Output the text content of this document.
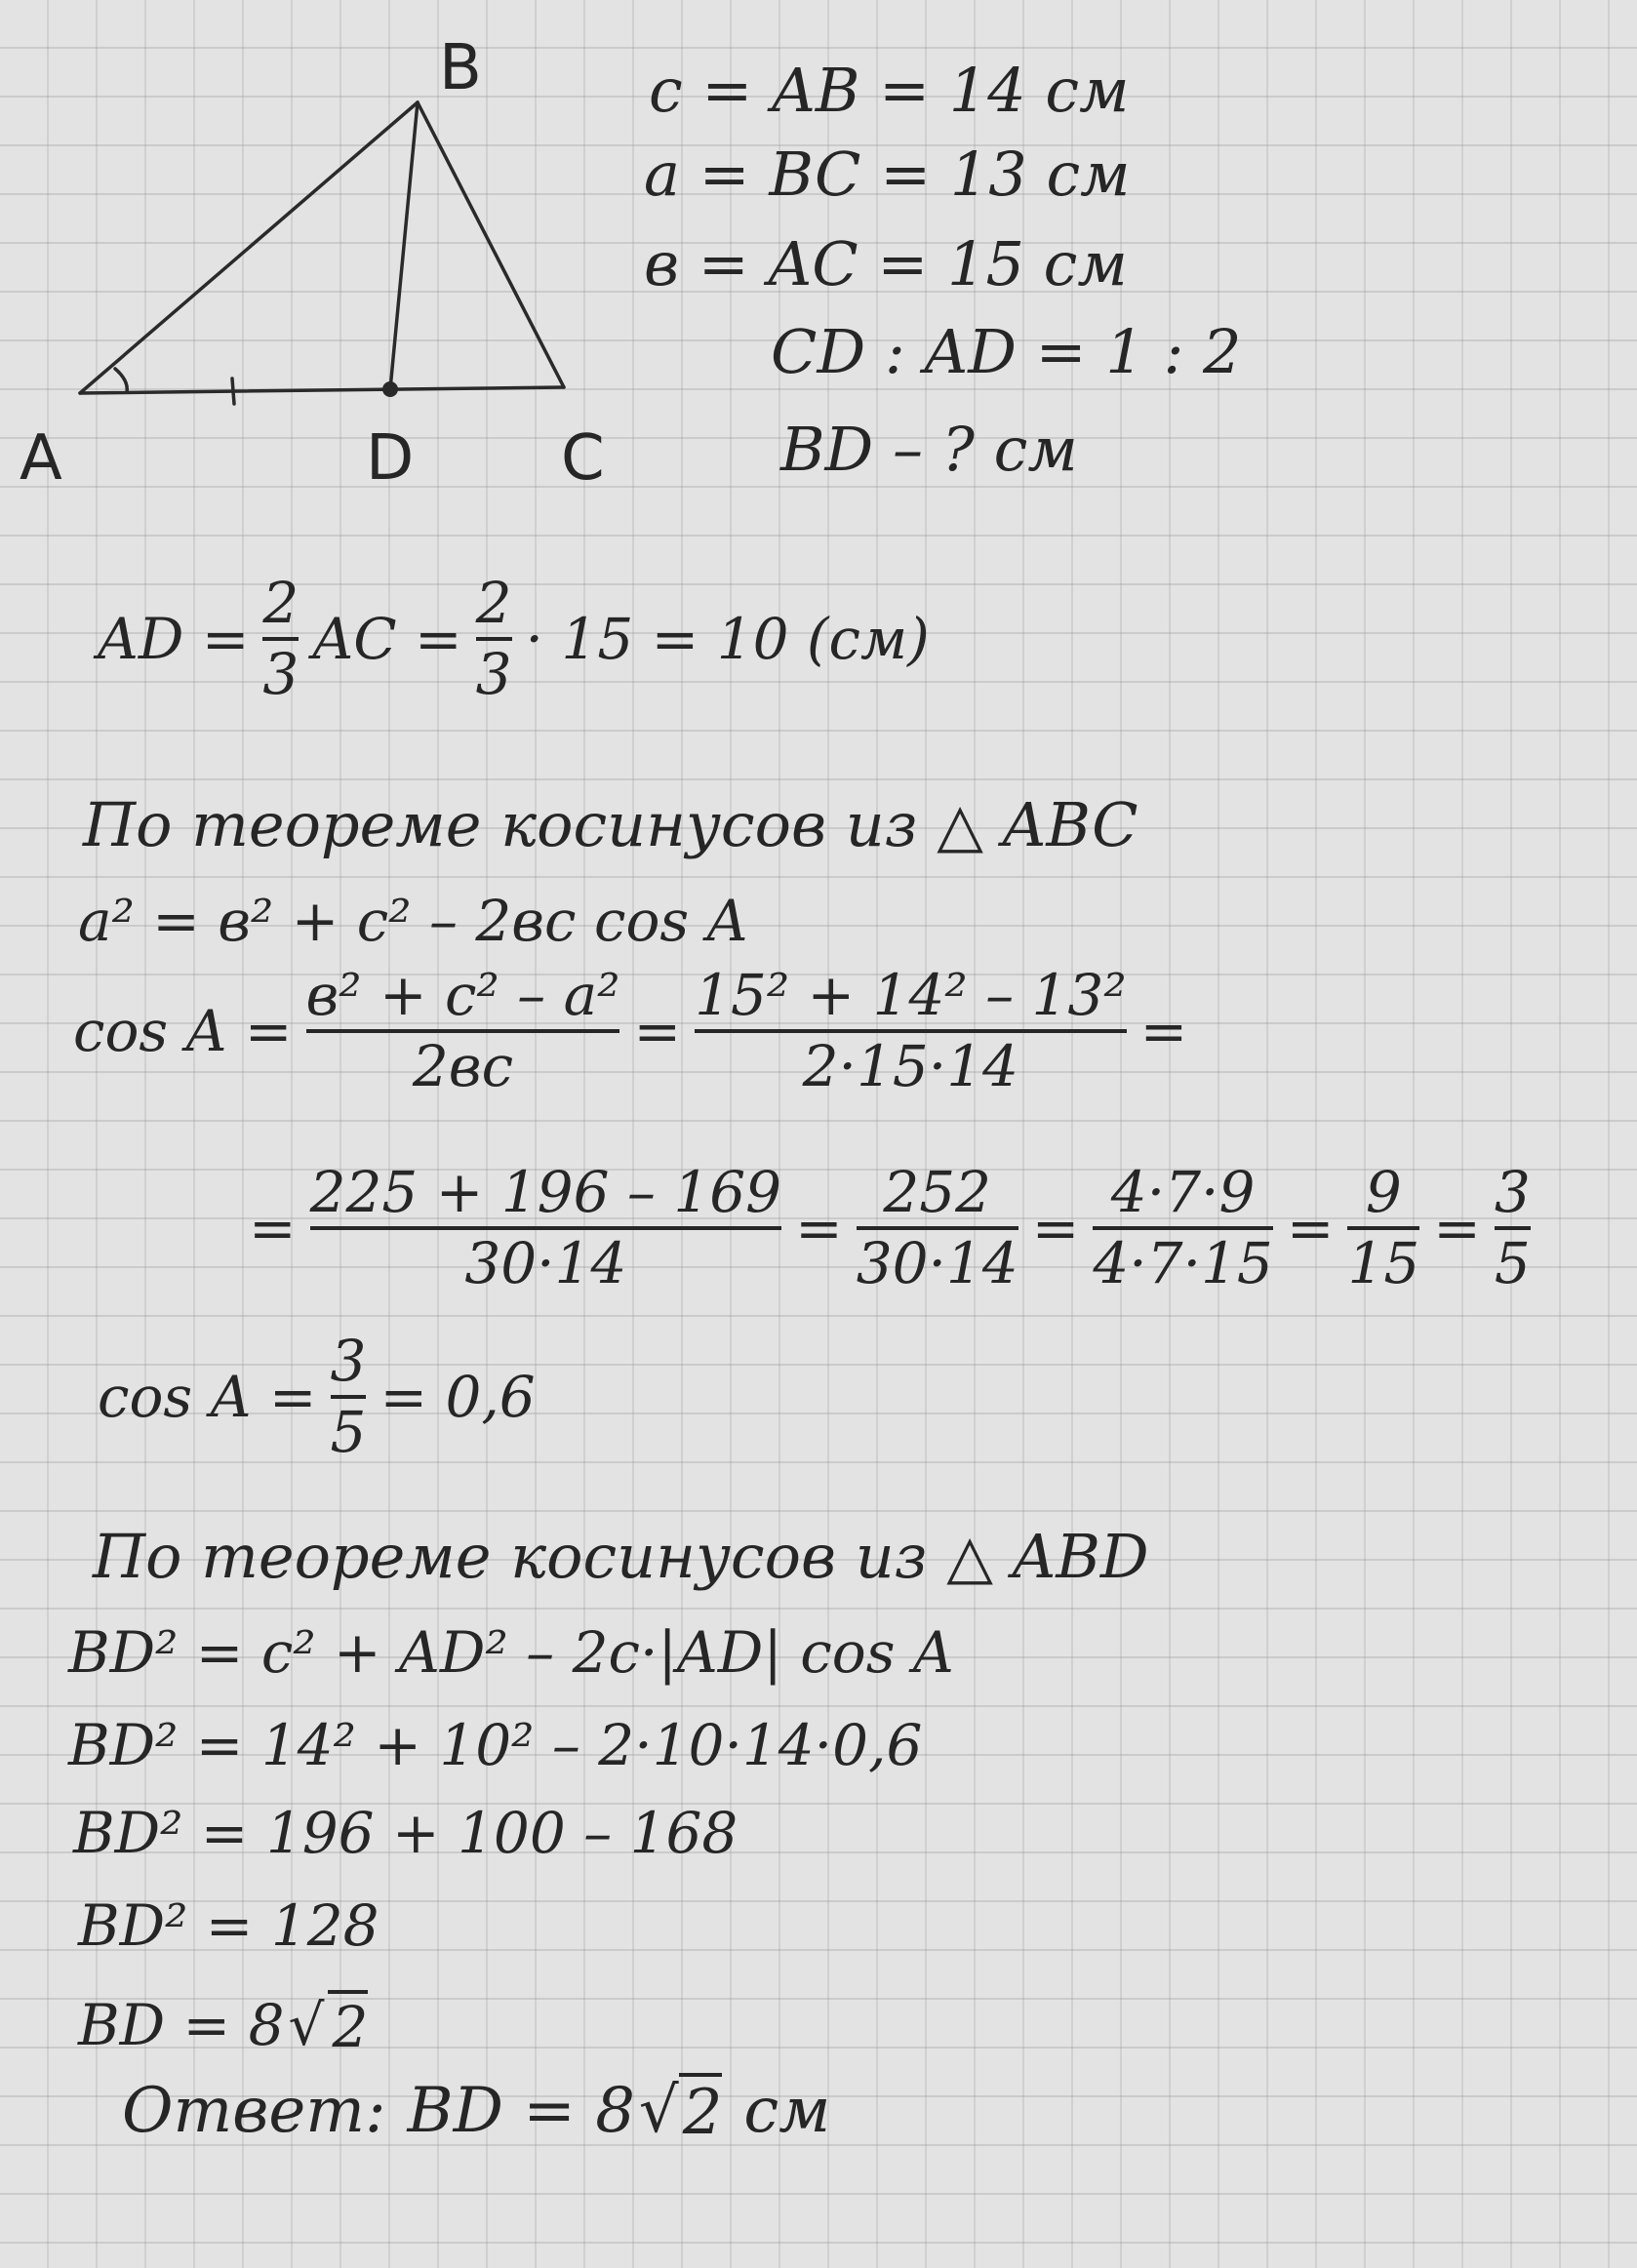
B
A	D C
c = AB = 14 см
a = BC = 13 см
в = AC = 15 см
CD : AD = 1 : 2
BD – ? см
AD = $\frac{2}{3}$ AC = $\frac{2}{3} \cdot 15 = 10$ (см)
По теореме косинусов из △ ABC
a² = в² + c² – 2вc cos A
$\cos A = \frac{\text{в² + c² – a²}}{2вc} = \frac{\text{15² + 14² – 13²}}{2\cdot 15\cdot 14}$ =
= $\frac{225 + 196 - 169}{30\cdot 14} = \frac{252}{30\cdot 14} = \frac{4\cdot 7\cdot 9}{4\cdot 7\cdot 15} = \frac{9}{15} = \frac{3}{5}$
$\cos A = \frac{3}{5} = 0,6$
По теореме косинусов из △ ABD
BD² = c² + AD² – 2c·|AD| cos A
BD² = 14² + 10² – 2·10·14·0,6
BD² = 196 + 100 – 168
BD² = 128
BD = 8 √ 2
Ответ: BD = 8 √ 2 см
